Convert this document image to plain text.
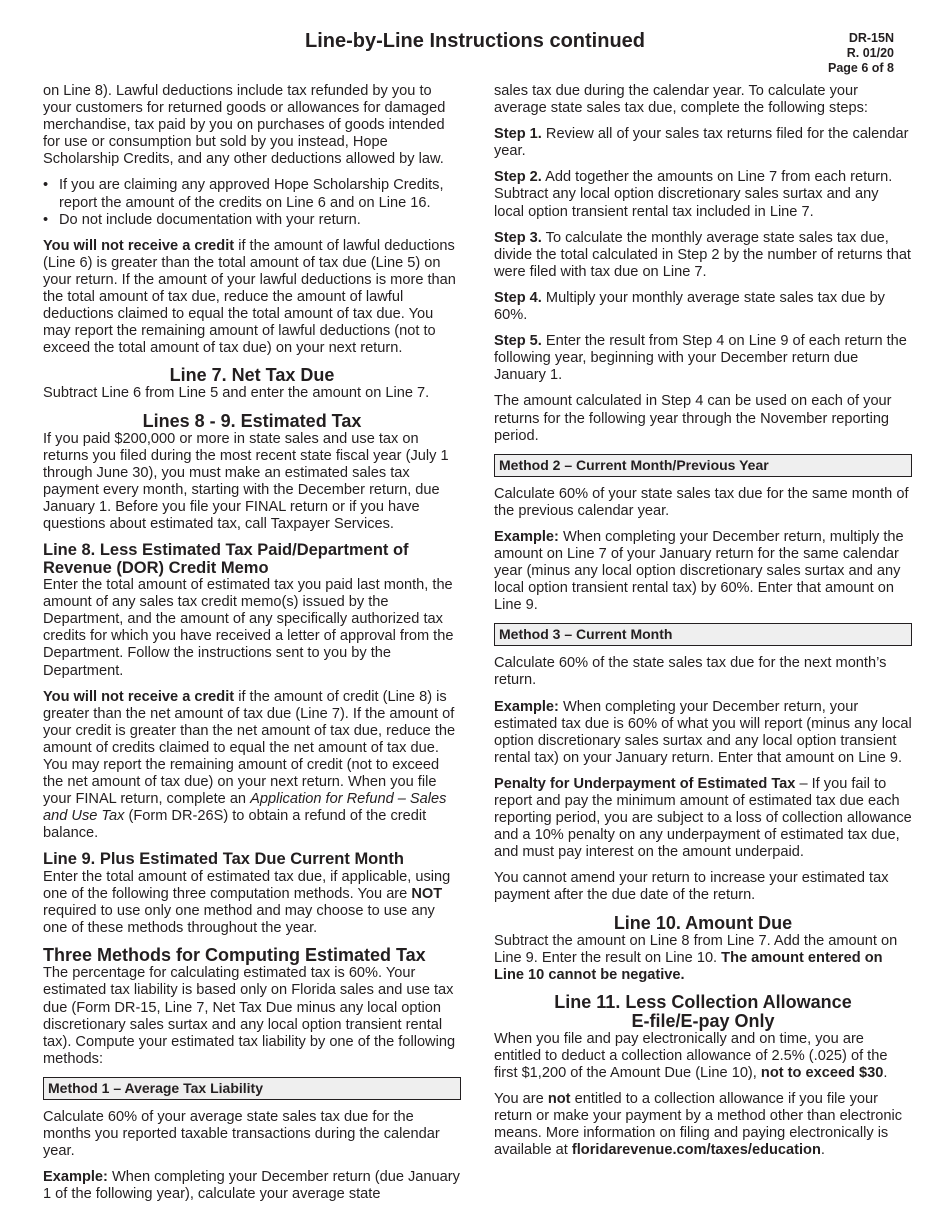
Line-by-Line Instructions continued	DR-15N
R. 01/20
Page 6 of 8

on Line 8). Lawful deductions include tax refunded by you to your customers for returned goods or allowances for damaged merchandise, tax paid by you on purchases of goods intended for use or consumption but sold by you instead, Hope Scholarship Credits, and any other deductions allowed by law.

• If you are claiming any approved Hope Scholarship Credits, report the amount of the credits on Line 6 and on Line 16.
• Do not include documentation with your return.

You will not receive a credit if the amount of lawful deductions (Line 6) is greater than the total amount of tax due (Line 5) on your return. If the amount of your lawful deductions is more than the total amount of tax due, reduce the amount of lawful deductions claimed to equal the total amount of tax due. You may report the remaining amount of lawful deductions (not to exceed the total amount of tax due) on your next return.

Line 7. Net Tax Due

Subtract Line 6 from Line 5 and enter the amount on Line 7.

Lines 8 - 9. Estimated Tax

If you paid $200,000 or more in state sales and use tax on returns you filed during the most recent state fiscal year (July 1 through June 30), you must make an estimated sales tax payment every month, starting with the December return, due January 1. Before you file your FINAL return or if you have questions about estimated tax, call Taxpayer Services.

Line 8. Less Estimated Tax Paid/Department of Revenue (DOR) Credit Memo

Enter the total amount of estimated tax you paid last month, the amount of any sales tax credit memo(s) issued by the Department, and the amount of any specifically authorized tax credits for which you have received a letter of approval from the Department. Follow the instructions sent to you by the Department.

You will not receive a credit if the amount of credit (Line 8) is greater than the net amount of tax due (Line 7). If the amount of your credit is greater than the net amount of tax due, reduce the amount of credits claimed to equal the net amount of tax due. You may report the remaining amount of credit (not to exceed the net amount of tax due) on your next return. When you file your FINAL return, complete an Application for Refund – Sales and Use Tax (Form DR-26S) to obtain a refund of the credit balance.

Line 9. Plus Estimated Tax Due Current Month

Enter the total amount of estimated tax due, if applicable, using one of the following three computation methods. You are NOT required to use only one method and may choose to use any one of these methods throughout the year.

Three Methods for Computing Estimated Tax

The percentage for calculating estimated tax is 60%. Your estimated tax liability is based only on Florida sales and use tax due (Form DR-15, Line 7, Net Tax Due minus any local option discretionary sales surtax and any local option transient rental tax). Compute your estimated tax liability by one of the following methods:

Method 1 – Average Tax Liability

Calculate 60% of your average state sales tax due for the months you reported taxable transactions during the calendar year.

Example: When completing your December return (due January 1 of the following year), calculate your average state

sales tax due during the calendar year. To calculate your average state sales tax due, complete the following steps:

Step 1. Review all of your sales tax returns filed for the calendar year.

Step 2. Add together the amounts on Line 7 from each return. Subtract any local option discretionary sales surtax and any local option transient rental tax included in Line 7.

Step 3. To calculate the monthly average state sales tax due, divide the total calculated in Step 2 by the number of returns that were filed with tax due on Line 7.

Step 4. Multiply your monthly average state sales tax due by 60%.

Step 5. Enter the result from Step 4 on Line 9 of each return the following year, beginning with your December return due January 1.

The amount calculated in Step 4 can be used on each of your returns for the following year through the November reporting period.

Method 2 – Current Month/Previous Year

Calculate 60% of your state sales tax due for the same month of the previous calendar year.

Example: When completing your December return, multiply the amount on Line 7 of your January return for the same calendar year (minus any local option discretionary sales surtax and any local option transient rental tax) by 60%. Enter that amount on Line 9.

Method 3 – Current Month

Calculate 60% of the state sales tax due for the next month’s return.

Example: When completing your December return, your estimated tax due is 60% of what you will report (minus any local option discretionary sales surtax and any local option transient rental tax) on your January return. Enter that amount on Line 9.

Penalty for Underpayment of Estimated Tax – If you fail to report and pay the minimum amount of estimated tax due each reporting period, you are subject to a loss of collection allowance and a 10% penalty on any underpayment of estimated tax due, and must pay interest on the amount underpaid.

You cannot amend your return to increase your estimated tax payment after the due date of the return.

Line 10. Amount Due

Subtract the amount on Line 8 from Line 7. Add the amount on Line 9. Enter the result on Line 10. The amount entered on Line 10 cannot be negative.

Line 11. Less Collection Allowance
E-file/E-pay Only

When you file and pay electronically and on time, you are entitled to deduct a collection allowance of 2.5% (.025) of the first $1,200 of the Amount Due (Line 10), not to exceed $30.

You are not entitled to a collection allowance if you file your return or make your payment by a method other than electronic means. More information on filing and paying electronically is available at floridarevenue.com/taxes/education.
